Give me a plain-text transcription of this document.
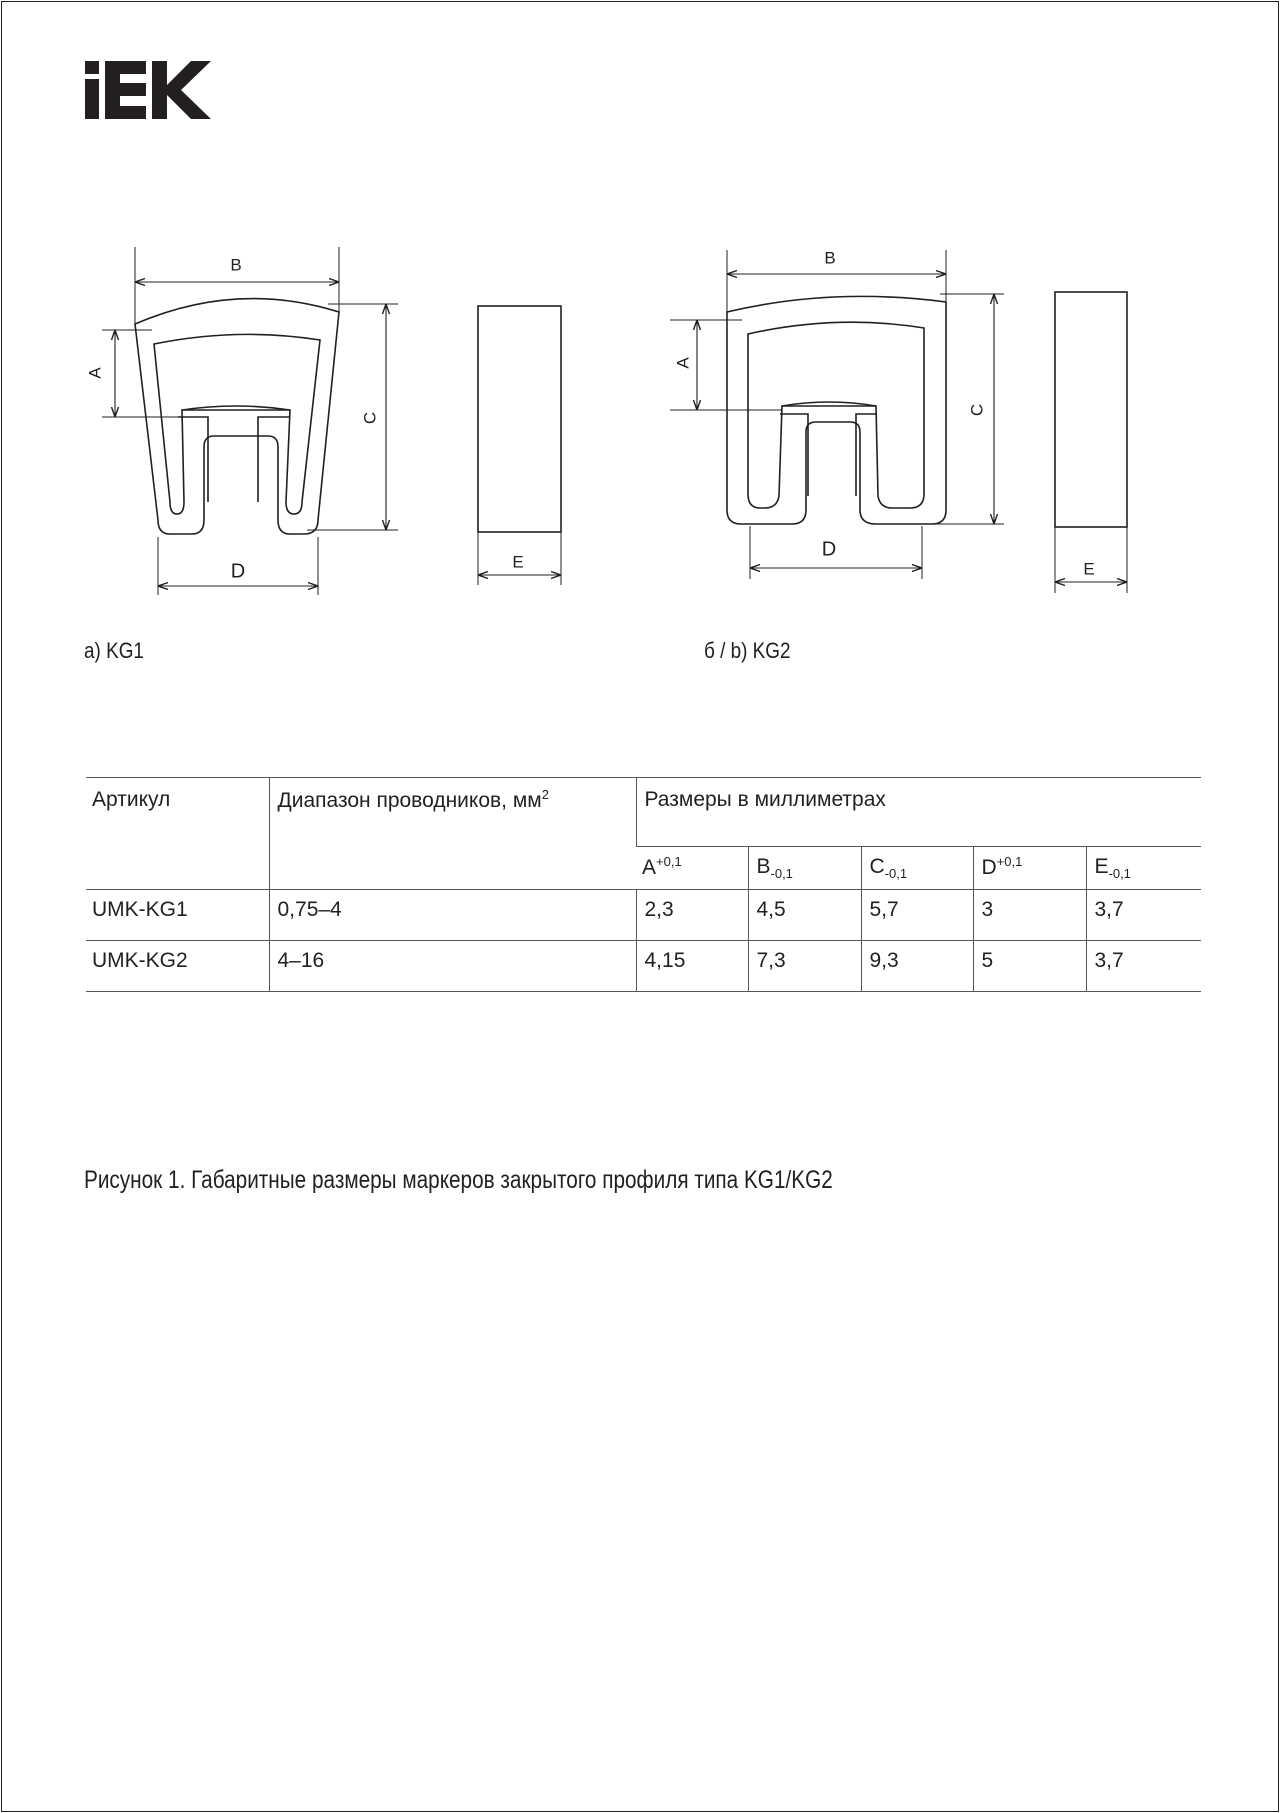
B
A
C
D	E
B
A
C
D
E
а) KG1	б / b) KG2
Артикул	Диапазон проводников, $мм^2$	Размеры в миллиметрах				
		$A^{+0,1}$	$B_{-0,1}$	$C_{-0,1}$	$D^{+0,1}$	$E_{-0,1}$
UMK-KG1	0,75–4	2,3	4,5	5,7	3	3,7
UMK-KG2	4–16	4,15	7,3	9,3	5	3,7
Рисунок 1. Габаритные размеры маркеров закрытого профиля типа KG1/KG2
